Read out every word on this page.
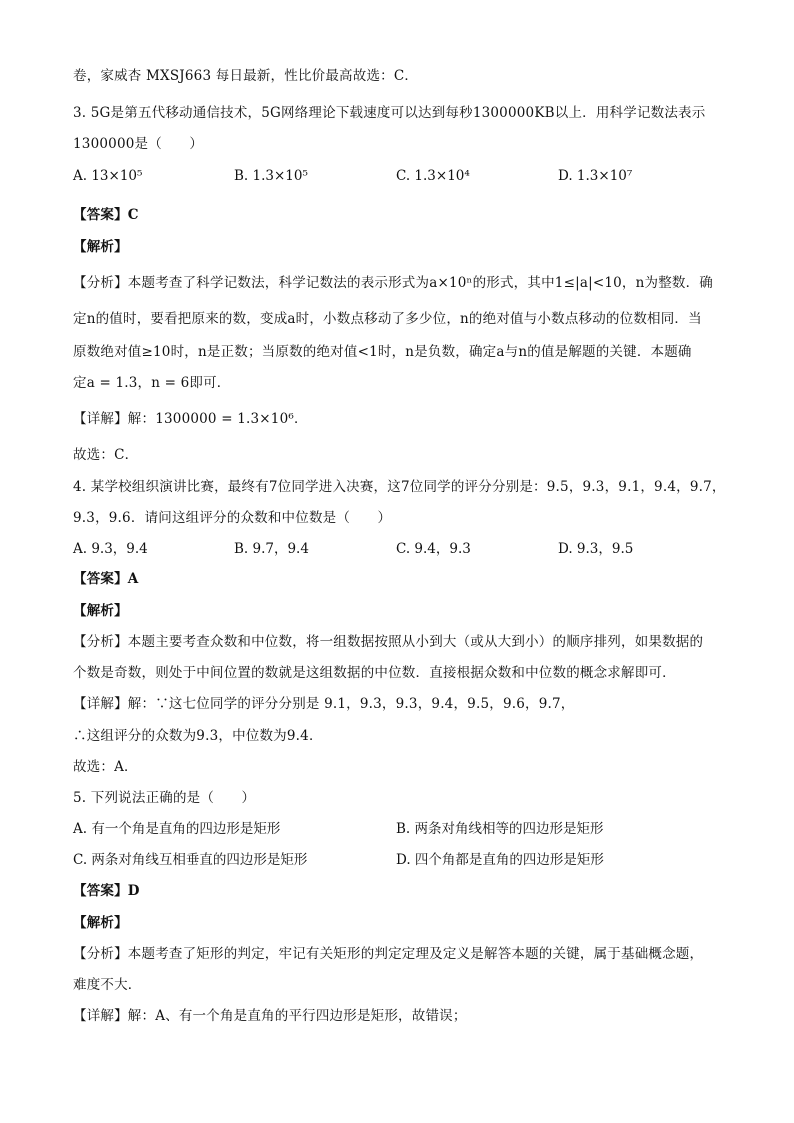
卷，家威杏 MXSJ663 每日最新，性比价最高故选：C．
3. 5G是第五代移动通信技术，5G网络理论下载速度可以达到每秒1300000KB以上．用科学记数法表示
1300000是（　　）
A. 13×10⁵	B. 1.3×10⁵	C. 1.3×10⁴	D. 1.3×10⁷
【答案】C
【解析】
【分析】本题考查了科学记数法，科学记数法的表示形式为a×10ⁿ的形式，其中1≤|a|<10，n为整数．确
定n的值时，要看把原来的数，变成a时，小数点移动了多少位，n的绝对值与小数点移动的位数相同．当
原数绝对值≥10时，n是正数；当原数的绝对值<1时，n是负数，确定a与n的值是解题的关键．本题确
定a = 1.3，n = 6即可．
【详解】解：1300000 = 1.3×10⁶．
故选：C．
4. 某学校组织演讲比赛，最终有7位同学进入决赛，这7位同学的评分分别是：9.5，9.3，9.1，9.4，9.7，
9.3，9.6．请问这组评分的众数和中位数是（　　）
A. 9.3，9.4	B. 9.7，9.4	C. 9.4，9.3	D. 9.3，9.5
【答案】A
【解析】
【分析】本题主要考查众数和中位数，将一组数据按照从小到大（或从大到小）的顺序排列，如果数据的
个数是奇数，则处于中间位置的数就是这组数据的中位数．直接根据众数和中位数的概念求解即可．
【详解】解：∵这七位同学的评分分别是 9.1，9.3，9.3，9.4，9.5，9.6，9.7，
∴这组评分的众数为9.3，中位数为9.4．
故选：A．
5. 下列说法正确的是（　　）
A. 有一个角是直角的四边形是矩形	B. 两条对角线相等的四边形是矩形
C. 两条对角线互相垂直的四边形是矩形	D. 四个角都是直角的四边形是矩形
【答案】D
【解析】
【分析】本题考查了矩形的判定，牢记有关矩形的判定定理及定义是解答本题的关键，属于基础概念题，
难度不大．
【详解】解：A、有一个角是直角的平行四边形是矩形，故错误；
